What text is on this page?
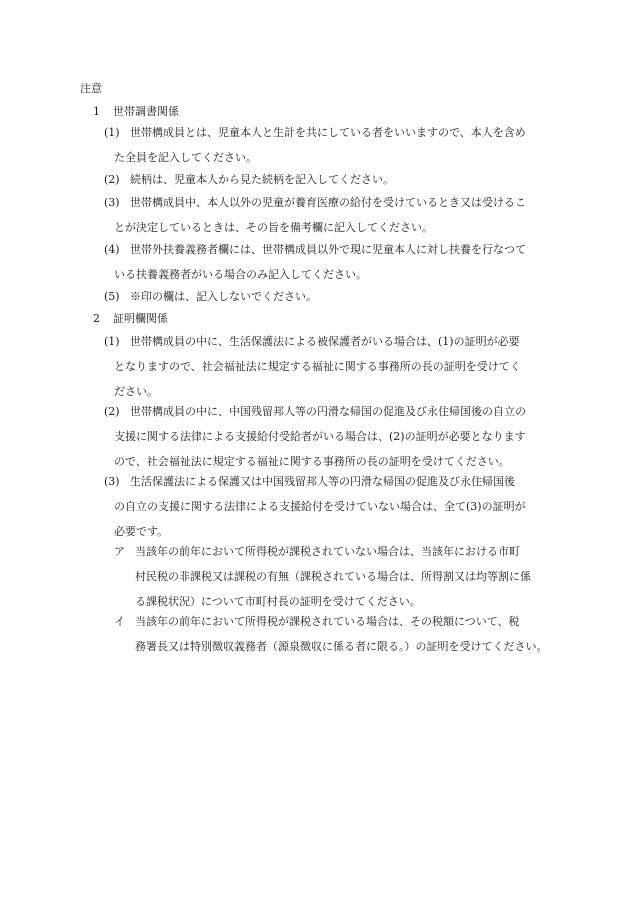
注意
1 世帯調書関係
(1) 世帯構成員とは、児童本人と生計を共にしている者をいいますので、本人を含め
た全員を記入してください。
(2) 続柄は、児童本人から見た続柄を記入してください。
(3) 世帯構成員中、本人以外の児童が養育医療の給付を受けているとき又は受けるこ
とが決定しているときは、その旨を備考欄に記入してください。
(4) 世帯外扶養義務者欄には、世帯構成員以外で現に児童本人に対し扶養を行なつて
いる扶養義務者がいる場合のみ記入してください。
(5) ※印の欄は、記入しないでください。
2 証明欄関係
(1) 世帯構成員の中に、生活保護法による被保護者がいる場合は、(1)の証明が必要
となりますので、社会福祉法に規定する福祉に関する事務所の長の証明を受けてく
ださい。
(2) 世帯構成員の中に、中国残留邦人等の円滑な帰国の促進及び永住帰国後の自立の
支援に関する法律による支援給付受給者がいる場合は、(2)の証明が必要となります
ので、社会福祉法に規定する福祉に関する事務所の長の証明を受けてください。
(3) 生活保護法による保護又は中国残留邦人等の円滑な帰国の促進及び永住帰国後
の自立の支援に関する法律による支援給付を受けていない場合は、全て(3)の証明が
必要です。
ア 当該年の前年において所得税が課税されていない場合は、当該年における市町
村民税の非課税又は課税の有無（課税されている場合は、所得割又は均等割に係
る課税状況）について市町村長の証明を受けてください。
イ 当該年の前年において所得税が課税されている場合は、その税額について、税
務署長又は特別徴収義務者（源泉徴収に係る者に限る。）の証明を受けてください。
